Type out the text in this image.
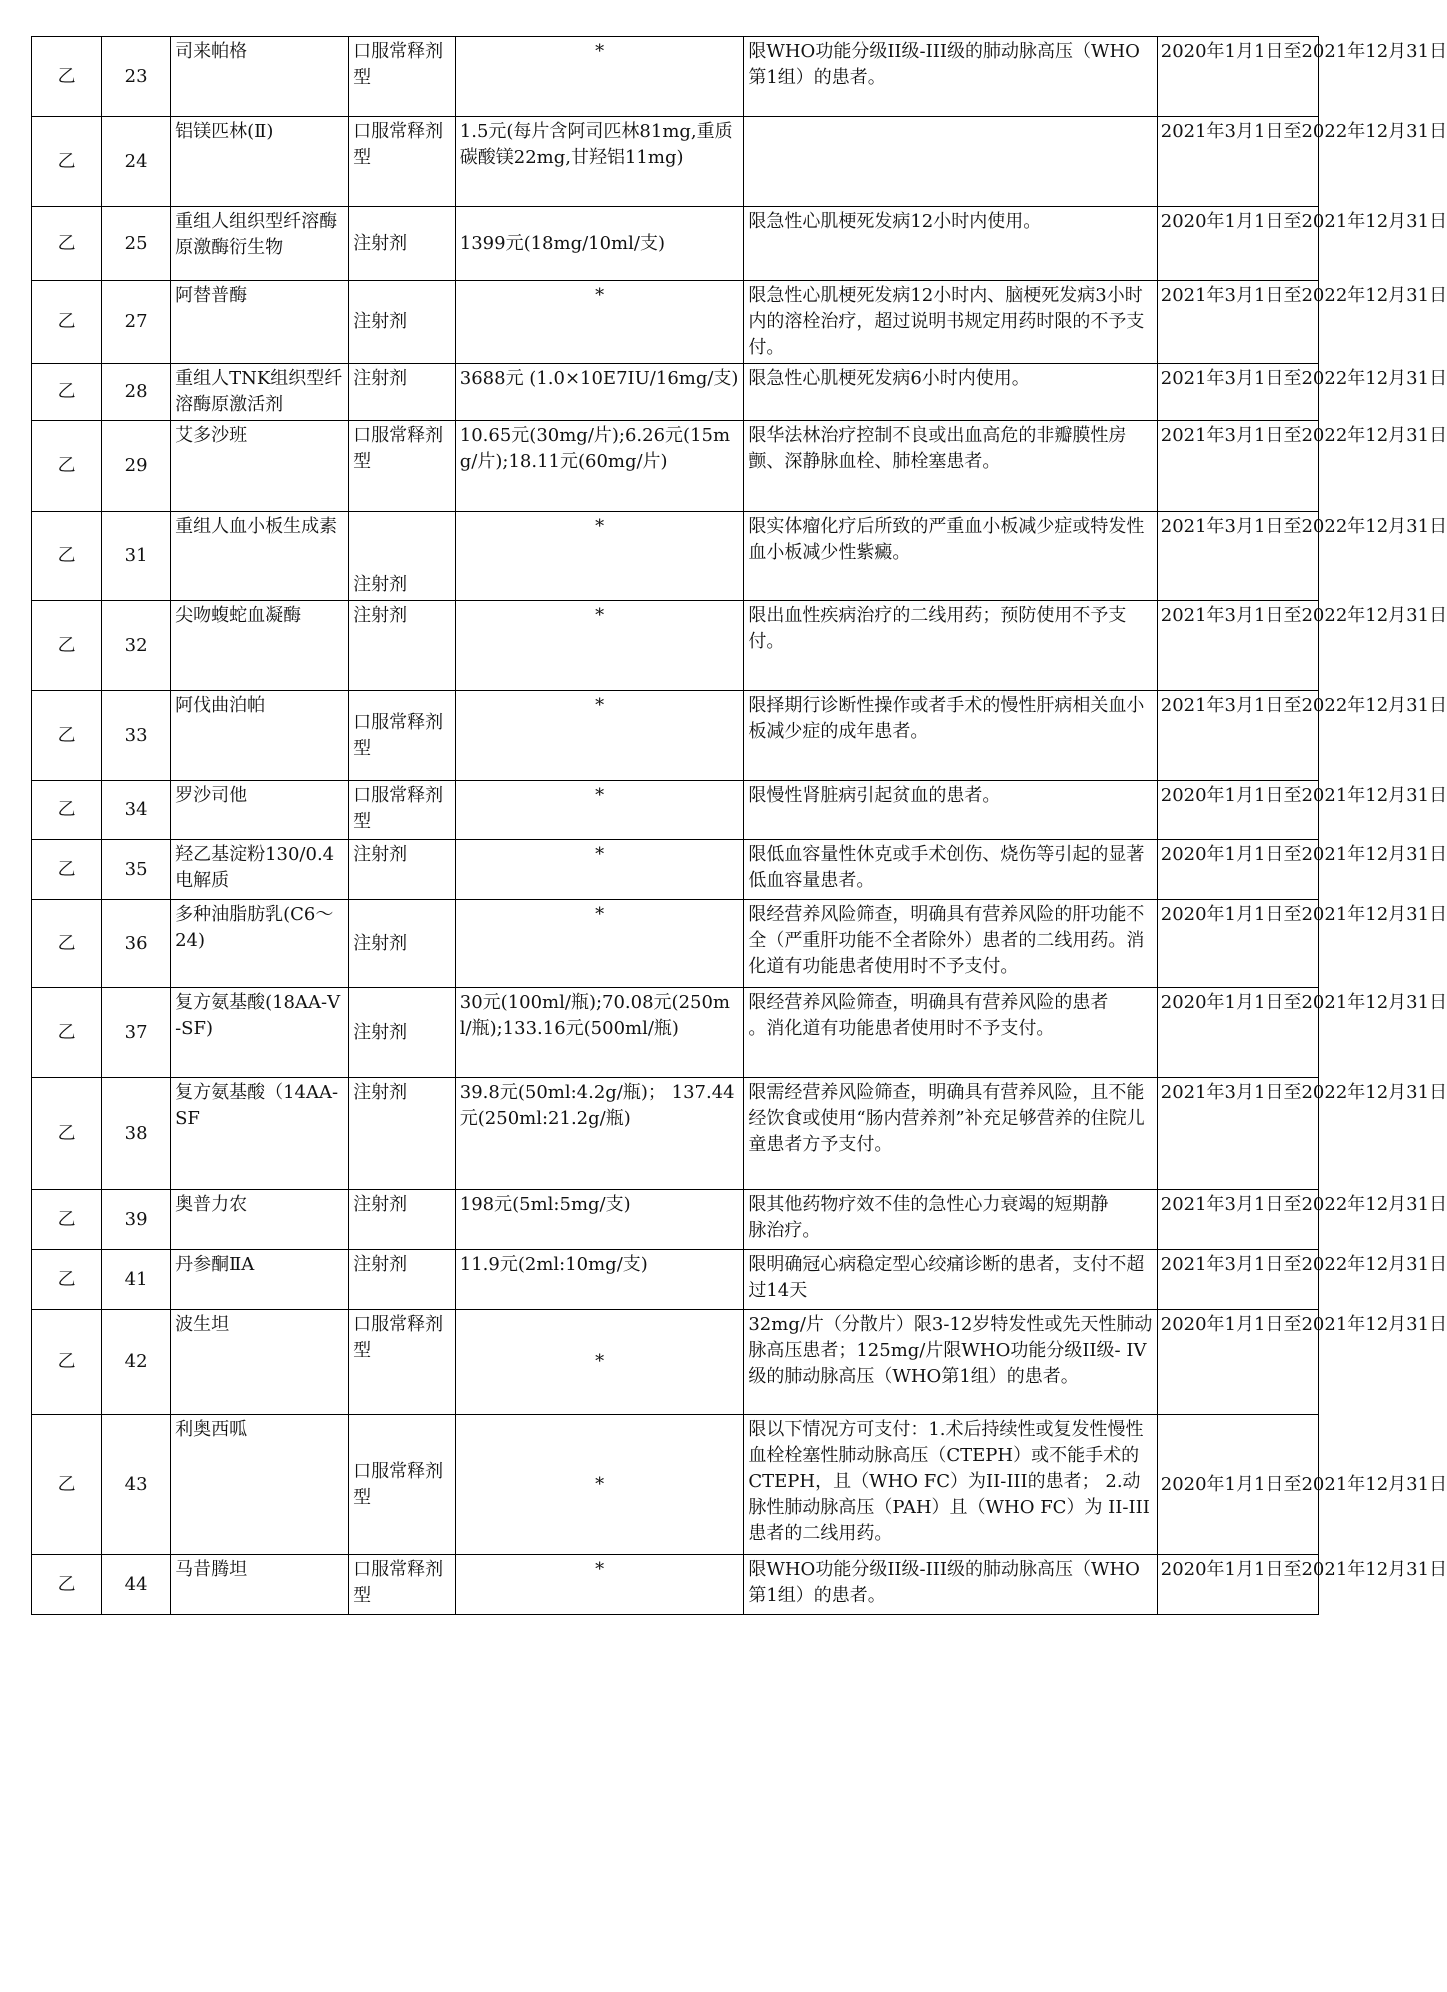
乙	23	司来帕格	口服常释剂型	*	限WHO功能分级II级-III级的肺动脉高压（WHO第1组）的患者。	2020年1月1日至2021年12月31日
乙	24	铝镁匹林(Ⅱ)	口服常释剂型	1.5元(每片含阿司匹林81mg,重质碳酸镁22mg,甘羟铝11mg)		2021年3月1日至2022年12月31日
乙	25	重组人组织型纤溶酶原激酶衍生物	注射剂	1399元(18mg/10ml/支)	限急性心肌梗死发病12小时内使用。	2020年1月1日至2021年12月31日
乙	27	阿替普酶	注射剂	*	限急性心肌梗死发病12小时内、脑梗死发病3小时内的溶栓治疗，超过说明书规定用药时限的不予支付。	2021年3月1日至2022年12月31日
乙	28	重组人TNK组织型纤溶酶原激活剂	注射剂	3688元 (1.0×10E7IU/16mg/支)	限急性心肌梗死发病6小时内使用。	2021年3月1日至2022年12月31日
乙	29	艾多沙班	口服常释剂型	10.65元(30mg/片);6.26元(15mg/片);18.11元(60mg/片)	限华法林治疗控制不良或出血高危的非瓣膜性房颤、深静脉血栓、肺栓塞患者。	2021年3月1日至2022年12月31日
乙	31	重组人血小板生成素	注射剂	*	限实体瘤化疗后所致的严重血小板减少症或特发性血小板减少性紫癜。	2021年3月1日至2022年12月31日
乙	32	尖吻蝮蛇血凝酶	注射剂	*	限出血性疾病治疗的二线用药；预防使用不予支付。	2021年3月1日至2022年12月31日
乙	33	阿伐曲泊帕	口服常释剂型	*	限择期行诊断性操作或者手术的慢性肝病相关血小板减少症的成年患者。	2021年3月1日至2022年12月31日
乙	34	罗沙司他	口服常释剂型	*	限慢性肾脏病引起贫血的患者。	2020年1月1日至2021年12月31日
乙	35	羟乙基淀粉130/0.4电解质	注射剂	*	限低血容量性休克或手术创伤、烧伤等引起的显著低血容量患者。	2020年1月1日至2021年12月31日
乙	36	多种油脂肪乳(C6～24)	注射剂	*	限经营养风险筛查，明确具有营养风险的肝功能不全（严重肝功能不全者除外）患者的二线用药。消化道有功能患者使用时不予支付。	2020年1月1日至2021年12月31日
乙	37	复方氨基酸(18AA-Ⅴ-SF)	注射剂	30元(100ml/瓶);70.08元(250ml/瓶);133.16元(500ml/瓶)	限经营养风险筛查，明确具有营养风险的患者
。消化道有功能患者使用时不予支付。	2020年1月1日至2021年12月31日
乙	38	复方氨基酸（14AA-SF	注射剂	39.8元(50ml:4.2g/瓶)； 137.44元(250ml:21.2g/瓶)	限需经营养风险筛查，明确具有营养风险，且不能经饮食或使用“肠内营养剂”补充足够营养的住院儿童患者方予支付。	2021年3月1日至2022年12月31日
乙	39	奥普力农	注射剂	198元(5ml:5mg/支)	限其他药物疗效不佳的急性心力衰竭的短期静
脉治疗。	2021年3月1日至2022年12月31日
乙	41	丹参酮ⅡA	注射剂	11.9元(2ml:10mg/支)	限明确冠心病稳定型心绞痛诊断的患者，支付不超过14天	2021年3月1日至2022年12月31日
乙	42	波生坦	口服常释剂型	*	32mg/片（分散片）限3-12岁特发性或先天性肺动脉高压患者；125mg/片限WHO功能分级II级- IV级的肺动脉高压（WHO第1组）的患者。	2020年1月1日至2021年12月31日
乙	43	利奥西呱	口服常释剂型	*	限以下情况方可支付：1.术后持续性或复发性慢性血栓栓塞性肺动脉高压（CTEPH）或不能手术的CTEPH，且（WHO FC）为II-III的患者； 2.动脉性肺动脉高压（PAH）且（WHO FC）为 II-III患者的二线用药。	2020年1月1日至2021年12月31日
乙	44	马昔腾坦	口服常释剂型	*	限WHO功能分级II级-III级的肺动脉高压（WHO第1组）的患者。	2020年1月1日至2021年12月31日
